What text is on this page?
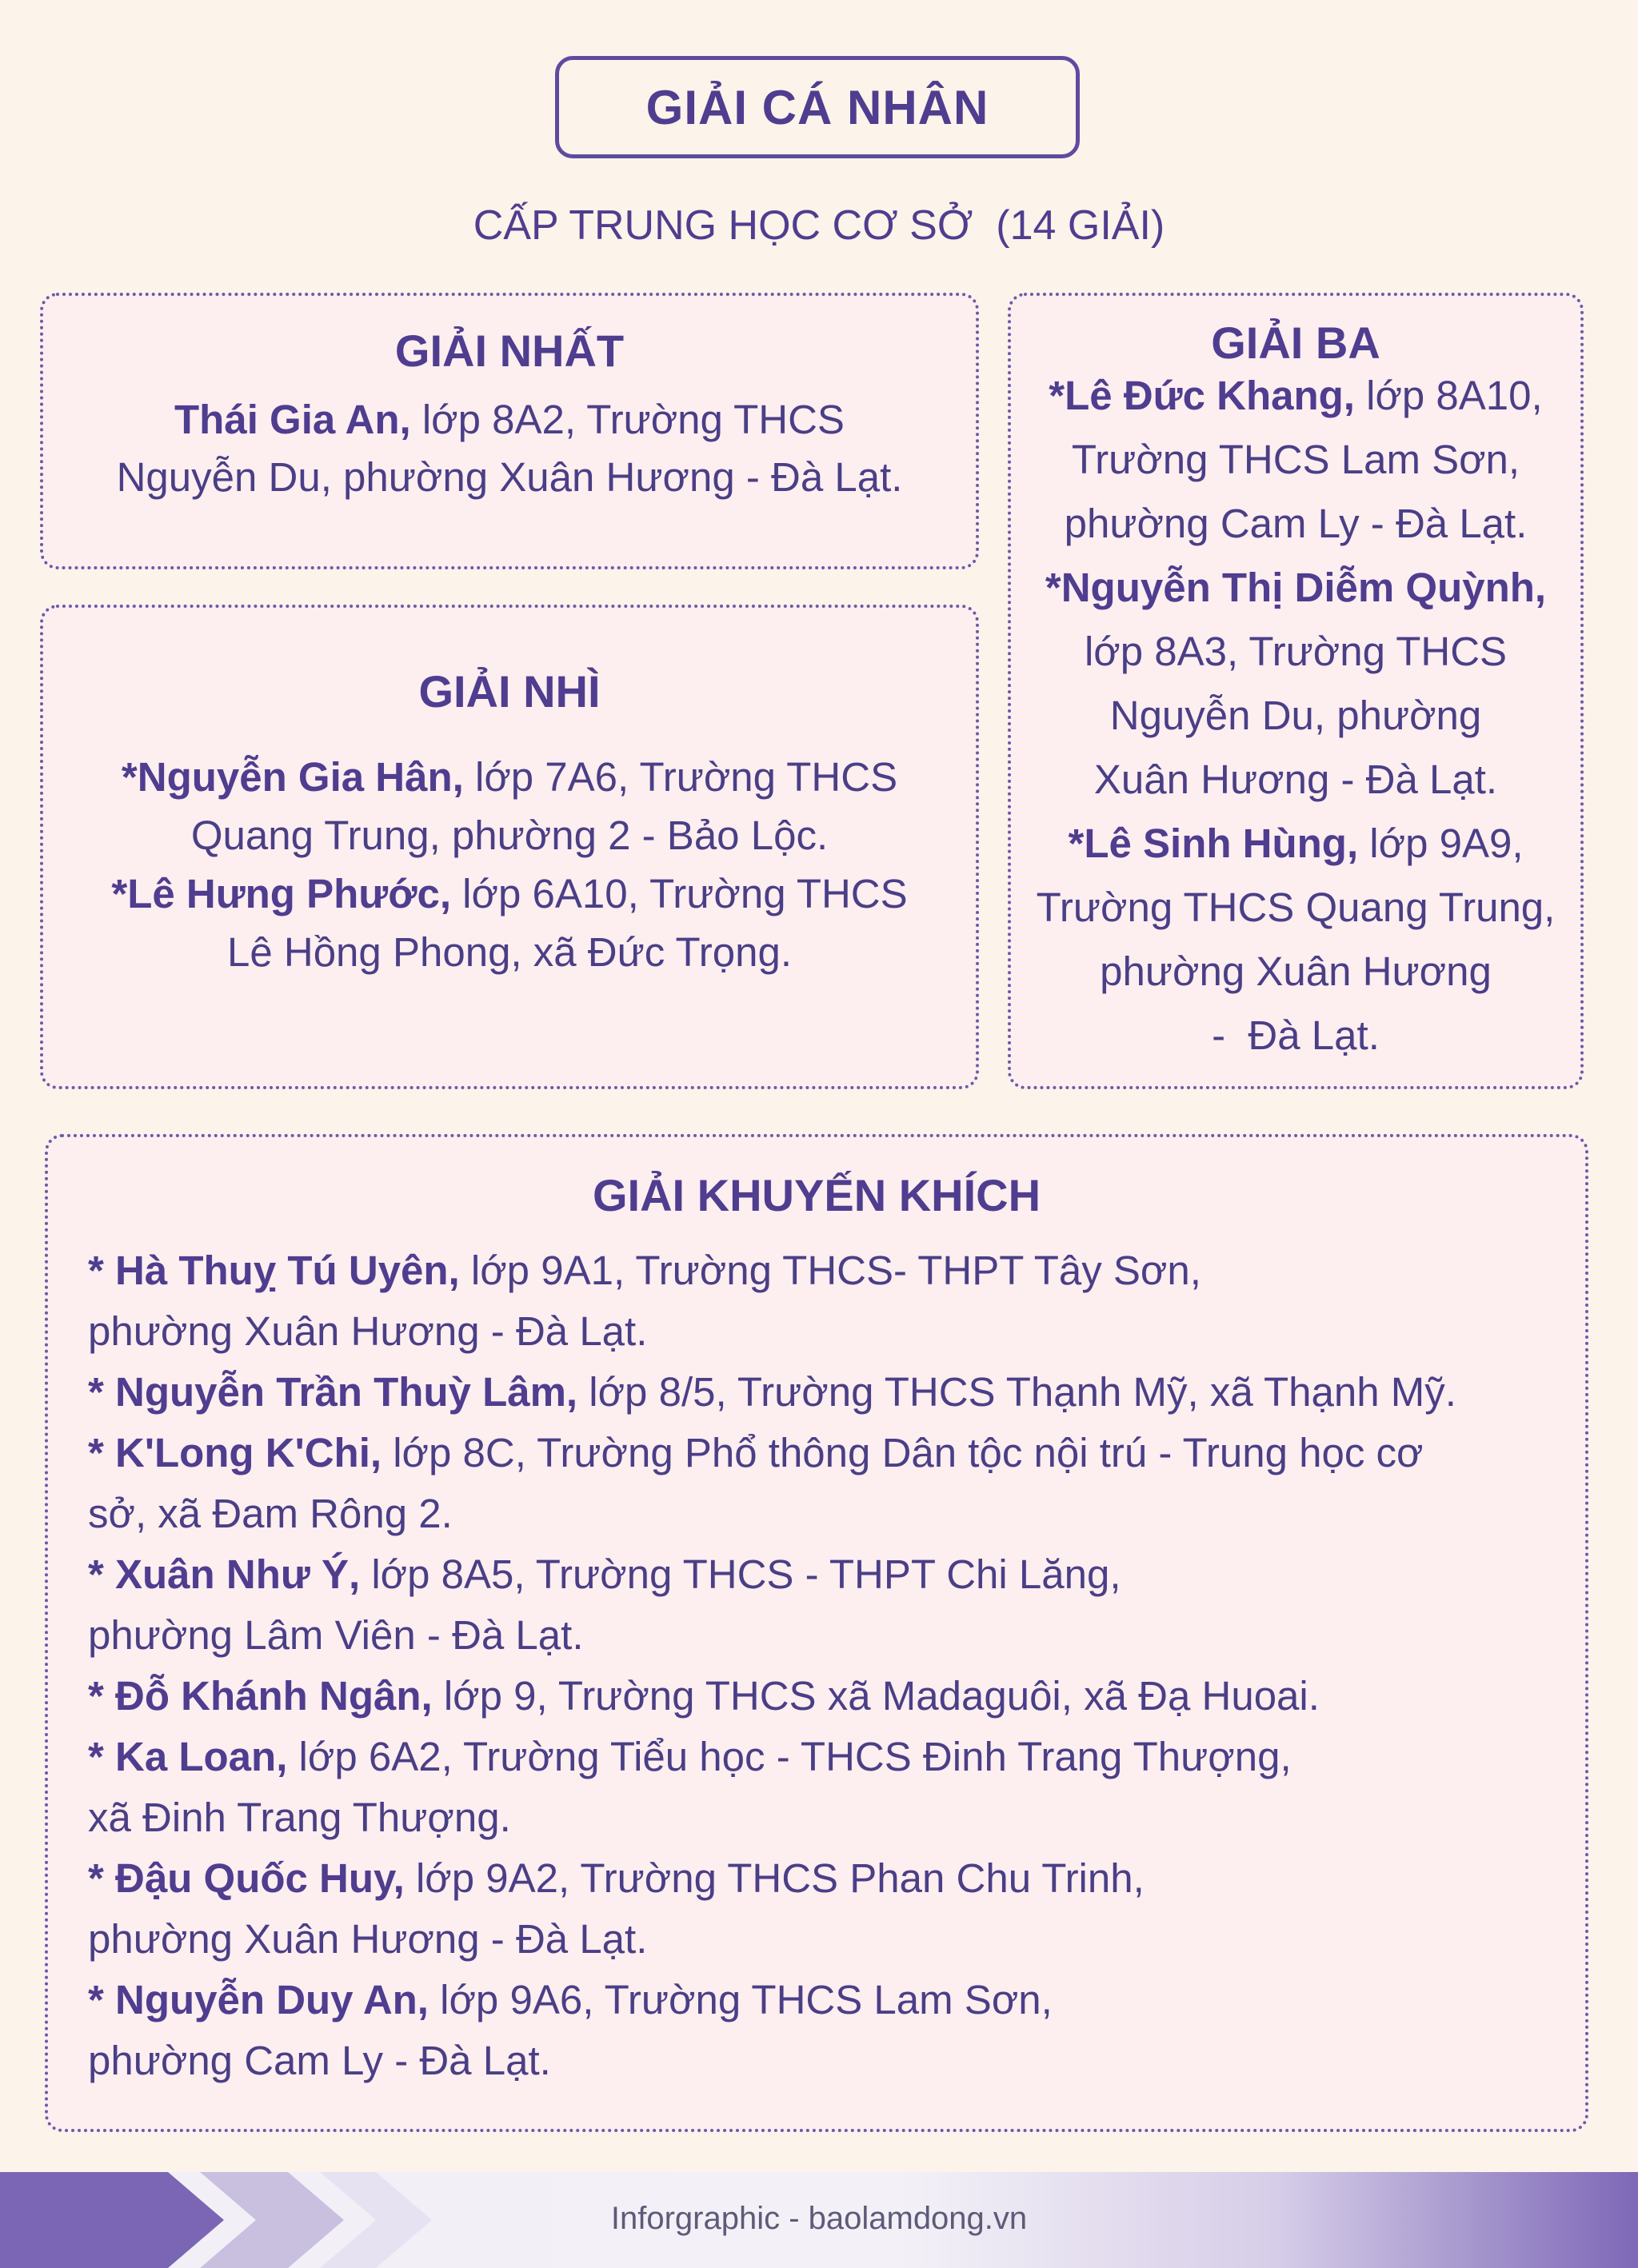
GIẢI CÁ NHÂN
CẤP TRUNG HỌC CƠ SỞ  (14 GIẢI)
GIẢI NHẤT
Thái Gia An, lớp 8A2, Trường THCS
Nguyễn Du, phường Xuân Hương - Đà Lạt.
GIẢI NHÌ
*Nguyễn Gia Hân, lớp 7A6, Trường THCS
Quang Trung, phường 2 - Bảo Lộc.
*Lê Hưng Phước, lớp 6A10, Trường THCS
Lê Hồng Phong, xã Đức Trọng.
GIẢI BA
*Lê Đức Khang, lớp 8A10,
Trường THCS Lam Sơn,
phường Cam Ly - Đà Lạt.
*Nguyễn Thị Diễm Quỳnh,
lớp 8A3, Trường THCS
Nguyễn Du, phường
Xuân Hương - Đà Lạt.
*Lê Sinh Hùng, lớp 9A9,
Trường THCS Quang Trung,
phường Xuân Hương
-  Đà Lạt.
GIẢI KHUYẾN KHÍCH
* Hà Thuỵ Tú Uyên, lớp 9A1, Trường THCS- THPT Tây Sơn,
phường Xuân Hương - Đà Lạt.
* Nguyễn Trần Thuỳ Lâm, lớp 8/5, Trường THCS Thạnh Mỹ, xã Thạnh Mỹ.
* K'Long K'Chi, lớp 8C, Trường Phổ thông Dân tộc nội trú - Trung học cơ
sở, xã Đam Rông 2.
* Xuân Như Ý, lớp 8A5, Trường THCS - THPT Chi Lăng,
phường Lâm Viên - Đà Lạt.
* Đỗ Khánh Ngân, lớp 9, Trường THCS xã Madaguôi, xã Đạ Huoai.
* Ka Loan, lớp 6A2, Trường Tiểu học - THCS Đinh Trang Thượng,
xã Đinh Trang Thượng.
* Đậu Quốc Huy, lớp 9A2, Trường THCS Phan Chu Trinh,
phường Xuân Hương - Đà Lạt.
* Nguyễn Duy An, lớp 9A6, Trường THCS Lam Sơn,
phường Cam Ly - Đà Lạt.
Inforgraphic - baolamdong.vn
